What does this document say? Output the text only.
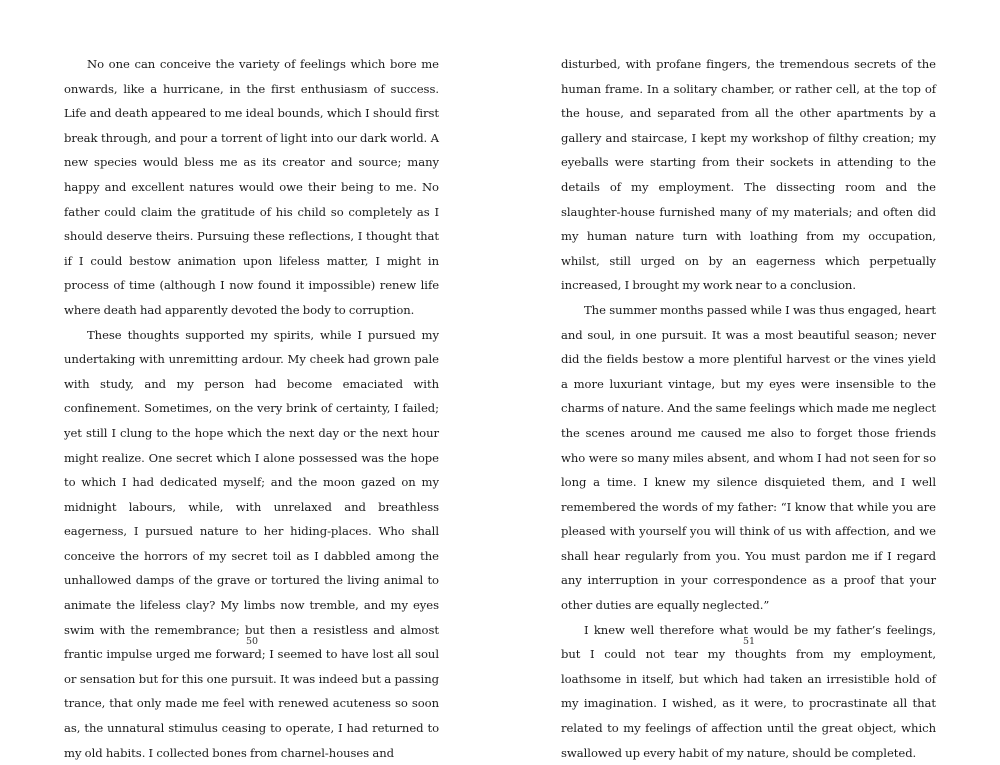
No one can conceive the variety of feelings which bore me onwards, like a hurricane, in the first enthusiasm of success. Life and death appeared to me ideal bounds, which I should first break through, and pour a torrent of light into our dark world. A new species would bless me as its creator and source; many happy and excellent natures would owe their being to me. No father could claim the gratitude of his child so completely as I should deserve theirs. Pursuing these reflections, I thought that if I could bestow animation upon lifeless matter, I might in process of time (although I now found it impossible) renew life where death had apparently devoted the body to corruption.

These thoughts supported my spirits, while I pursued my undertaking with unremitting ardour. My cheek had grown pale with study, and my person had become emaciated with confinement. Sometimes, on the very brink of certainty, I failed; yet still I clung to the hope which the next day or the next hour might realize. One secret which I alone possessed was the hope to which I had dedicated myself; and the moon gazed on my midnight labours, while, with unrelaxed and breathless eagerness, I pursued nature to her hiding-places. Who shall conceive the horrors of my secret toil as I dabbled among the unhallowed damps of the grave or tortured the living animal to animate the lifeless clay? My limbs now tremble, and my eyes swim with the remembrance; but then a resistless and almost frantic impulse urged me forward; I seemed to have lost all soul or sensation but for this one pursuit. It was indeed but a passing trance, that only made me feel with renewed acuteness so soon as, the unnatural stimulus ceasing to operate, I had returned to my old habits. I collected bones from charnel-houses and

50

disturbed, with profane fingers, the tremendous secrets of the human frame. In a solitary chamber, or rather cell, at the top of the house, and separated from all the other apartments by a gallery and staircase, I kept my workshop of filthy creation; my eyeballs were starting from their sockets in attending to the details of my employment. The dissecting room and the slaughter-house furnished many of my materials; and often did my human nature turn with loathing from my occupation, whilst, still urged on by an eagerness which perpetually increased, I brought my work near to a conclusion.

The summer months passed while I was thus engaged, heart and soul, in one pursuit. It was a most beautiful season; never did the fields bestow a more plentiful harvest or the vines yield a more luxuriant vintage, but my eyes were insensible to the charms of nature. And the same feelings which made me neglect the scenes around me caused me also to forget those friends who were so many miles absent, and whom I had not seen for so long a time. I knew my silence disquieted them, and I well remembered the words of my father: “I know that while you are pleased with yourself you will think of us with affection, and we shall hear regularly from you. You must pardon me if I regard any interruption in your correspondence as a proof that your other duties are equally neglected.”

I knew well therefore what would be my father’s feelings, but I could not tear my thoughts from my employment, loathsome in itself, but which had taken an irresistible hold of my imagination. I wished, as it were, to procrastinate all that related to my feelings of affection until the great object, which swallowed up every habit of my nature, should be completed.

51
